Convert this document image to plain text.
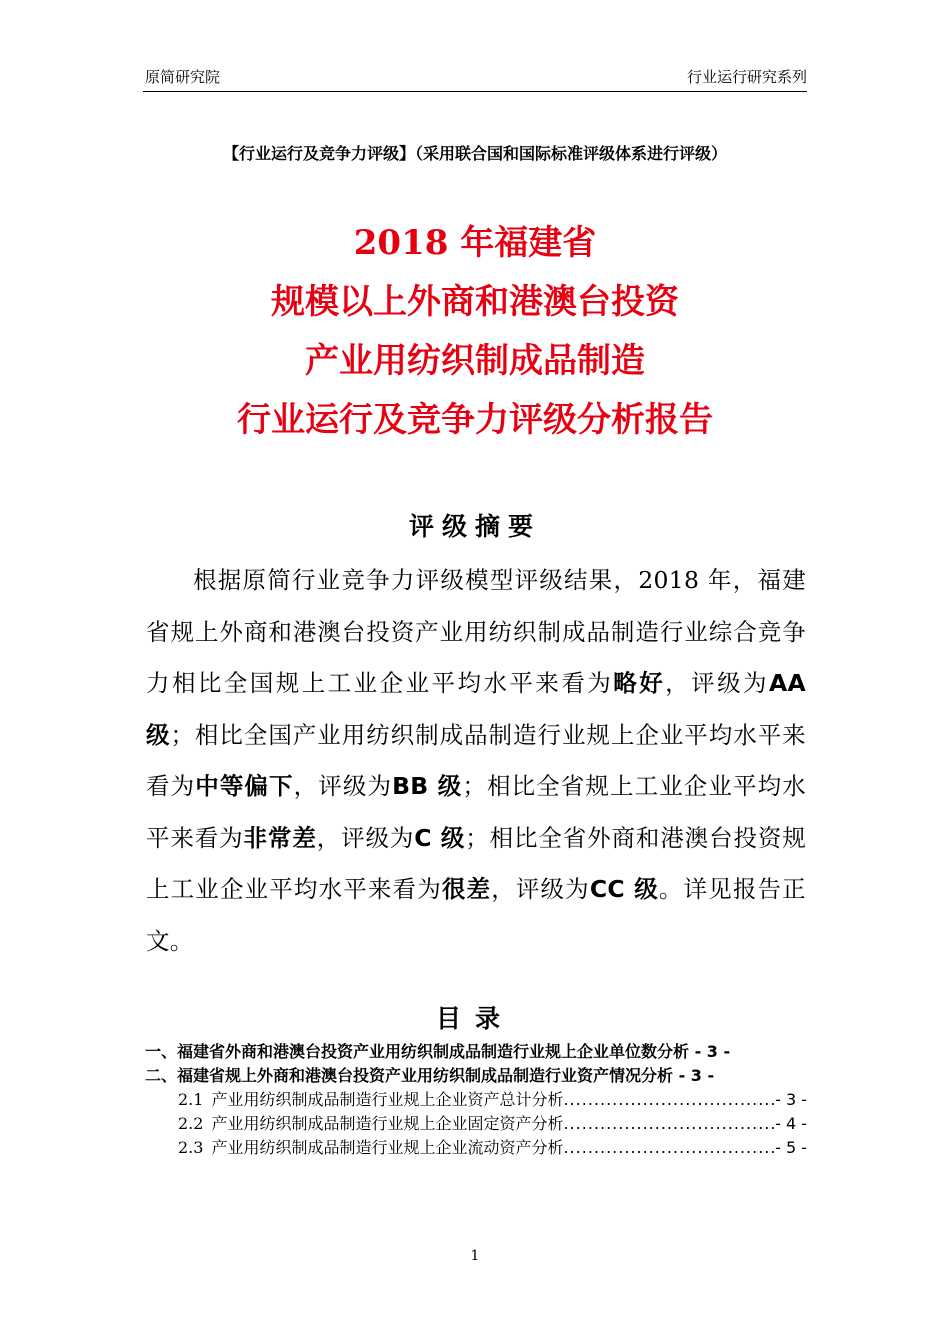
原简研究院	行业运行研究系列
【行业运行及竞争力评级】（采用联合国和国际标准评级体系进行评级）
2018 年福建省
规模以上外商和港澳台投资
产业用纺织制成品制造
行业运行及竞争力评级分析报告
评级摘要

根据原简行业竞争力评级模型评级结果，2018 年，福建省规上外商和港澳台投资产业用纺织制成品制造行业综合竞争力相比全国规上工业企业平均水平来看为略好，评级为AA 级；相比全国产业用纺织制成品制造行业规上企业平均水平来看为中等偏下，评级为BB 级；相比全省规上工业企业平均水平来看为非常差，评级为C 级；相比全省外商和港澳台投资规上工业企业平均水平来看为很差，评级为CC 级。详见报告正文。

目录
一、福建省外商和港澳台投资产业用纺织制成品制造行业规上企业单位数分析 - 3 -
二、福建省规上外商和港澳台投资产业用纺织制成品制造行业资产情况分析 - 3 -
2.1 产业用纺织制成品制造行业规上企业资产总计分析 .....	- 3 -
2.2 产业用纺织制成品制造行业规上企业固定资产分析 .....	- 4 -
2.3 产业用纺织制成品制造行业规上企业流动资产分析 .....	- 5 -
1
